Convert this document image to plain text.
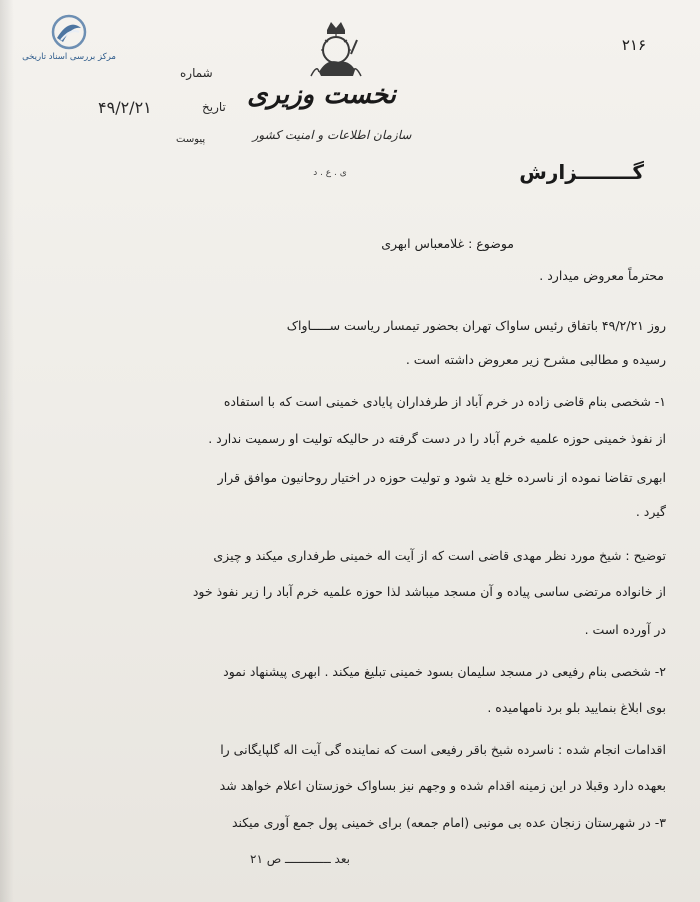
مرکز بررسی اسناد تاریخی
۲۱۶
نخست وزیری
سازمان اطلاعات و امنیت کشور
ی . ع . د
شماره
تاریخ
۴۹/۲/۲۱
پیوست
گــــــــزارش
موضوع : غلامعباس ابهری
محترماً معروض میدارد .
روز ۴۹/۲/۲۱ باتفاق رئیس ساواک تهران بحضور تیمسار ریاست ســـــاواک
رسیده و مطالبی مشرح زیر معروض داشته است .
۱- شخصی بنام قاضی زاده در خرم آباد از طرفداران پایادی خمینی است که با استفاده
از نفوذ خمینی حوزه علمیه خرم آباد را در دست گرفته در حالیکه تولیت او رسمیت ندارد .
ابهری تقاضا نموده از ناسرده خلع ید شود و تولیت حوزه در اختیار روحانیون موافق قرار
گیرد .
توضیح : شیخ مورد نظر مهدی قاضی است که از آیت اله خمینی طرفداری میکند و چیزی
از خانواده مرتضی ساسی پیاده و آن مسجد میباشد لذا حوزه علمیه خرم آباد را زیر نفوذ خود
در آورده است .
۲- شخصی بنام رفیعی در مسجد سلیمان بسود خمینی تبلیغ میکند . ابهری پیشنهاد نمود
بوی ابلاغ بنمایید بلو برد نامهامیده .
اقدامات انجام شده : ناسرده شیخ باقر رفیعی است که نماینده گی آیت اله گلپایگانی را
بعهده دارد وقبلا در این زمینه اقدام شده و وجهم نیز بساواک خوزستان اعلام خواهد شد
۳- در شهرستان زنجان عده بی مونبی (امام جمعه) برای خمینی پول جمع آوری میکند
بعد ـــــــــــــ ص ۲۱
